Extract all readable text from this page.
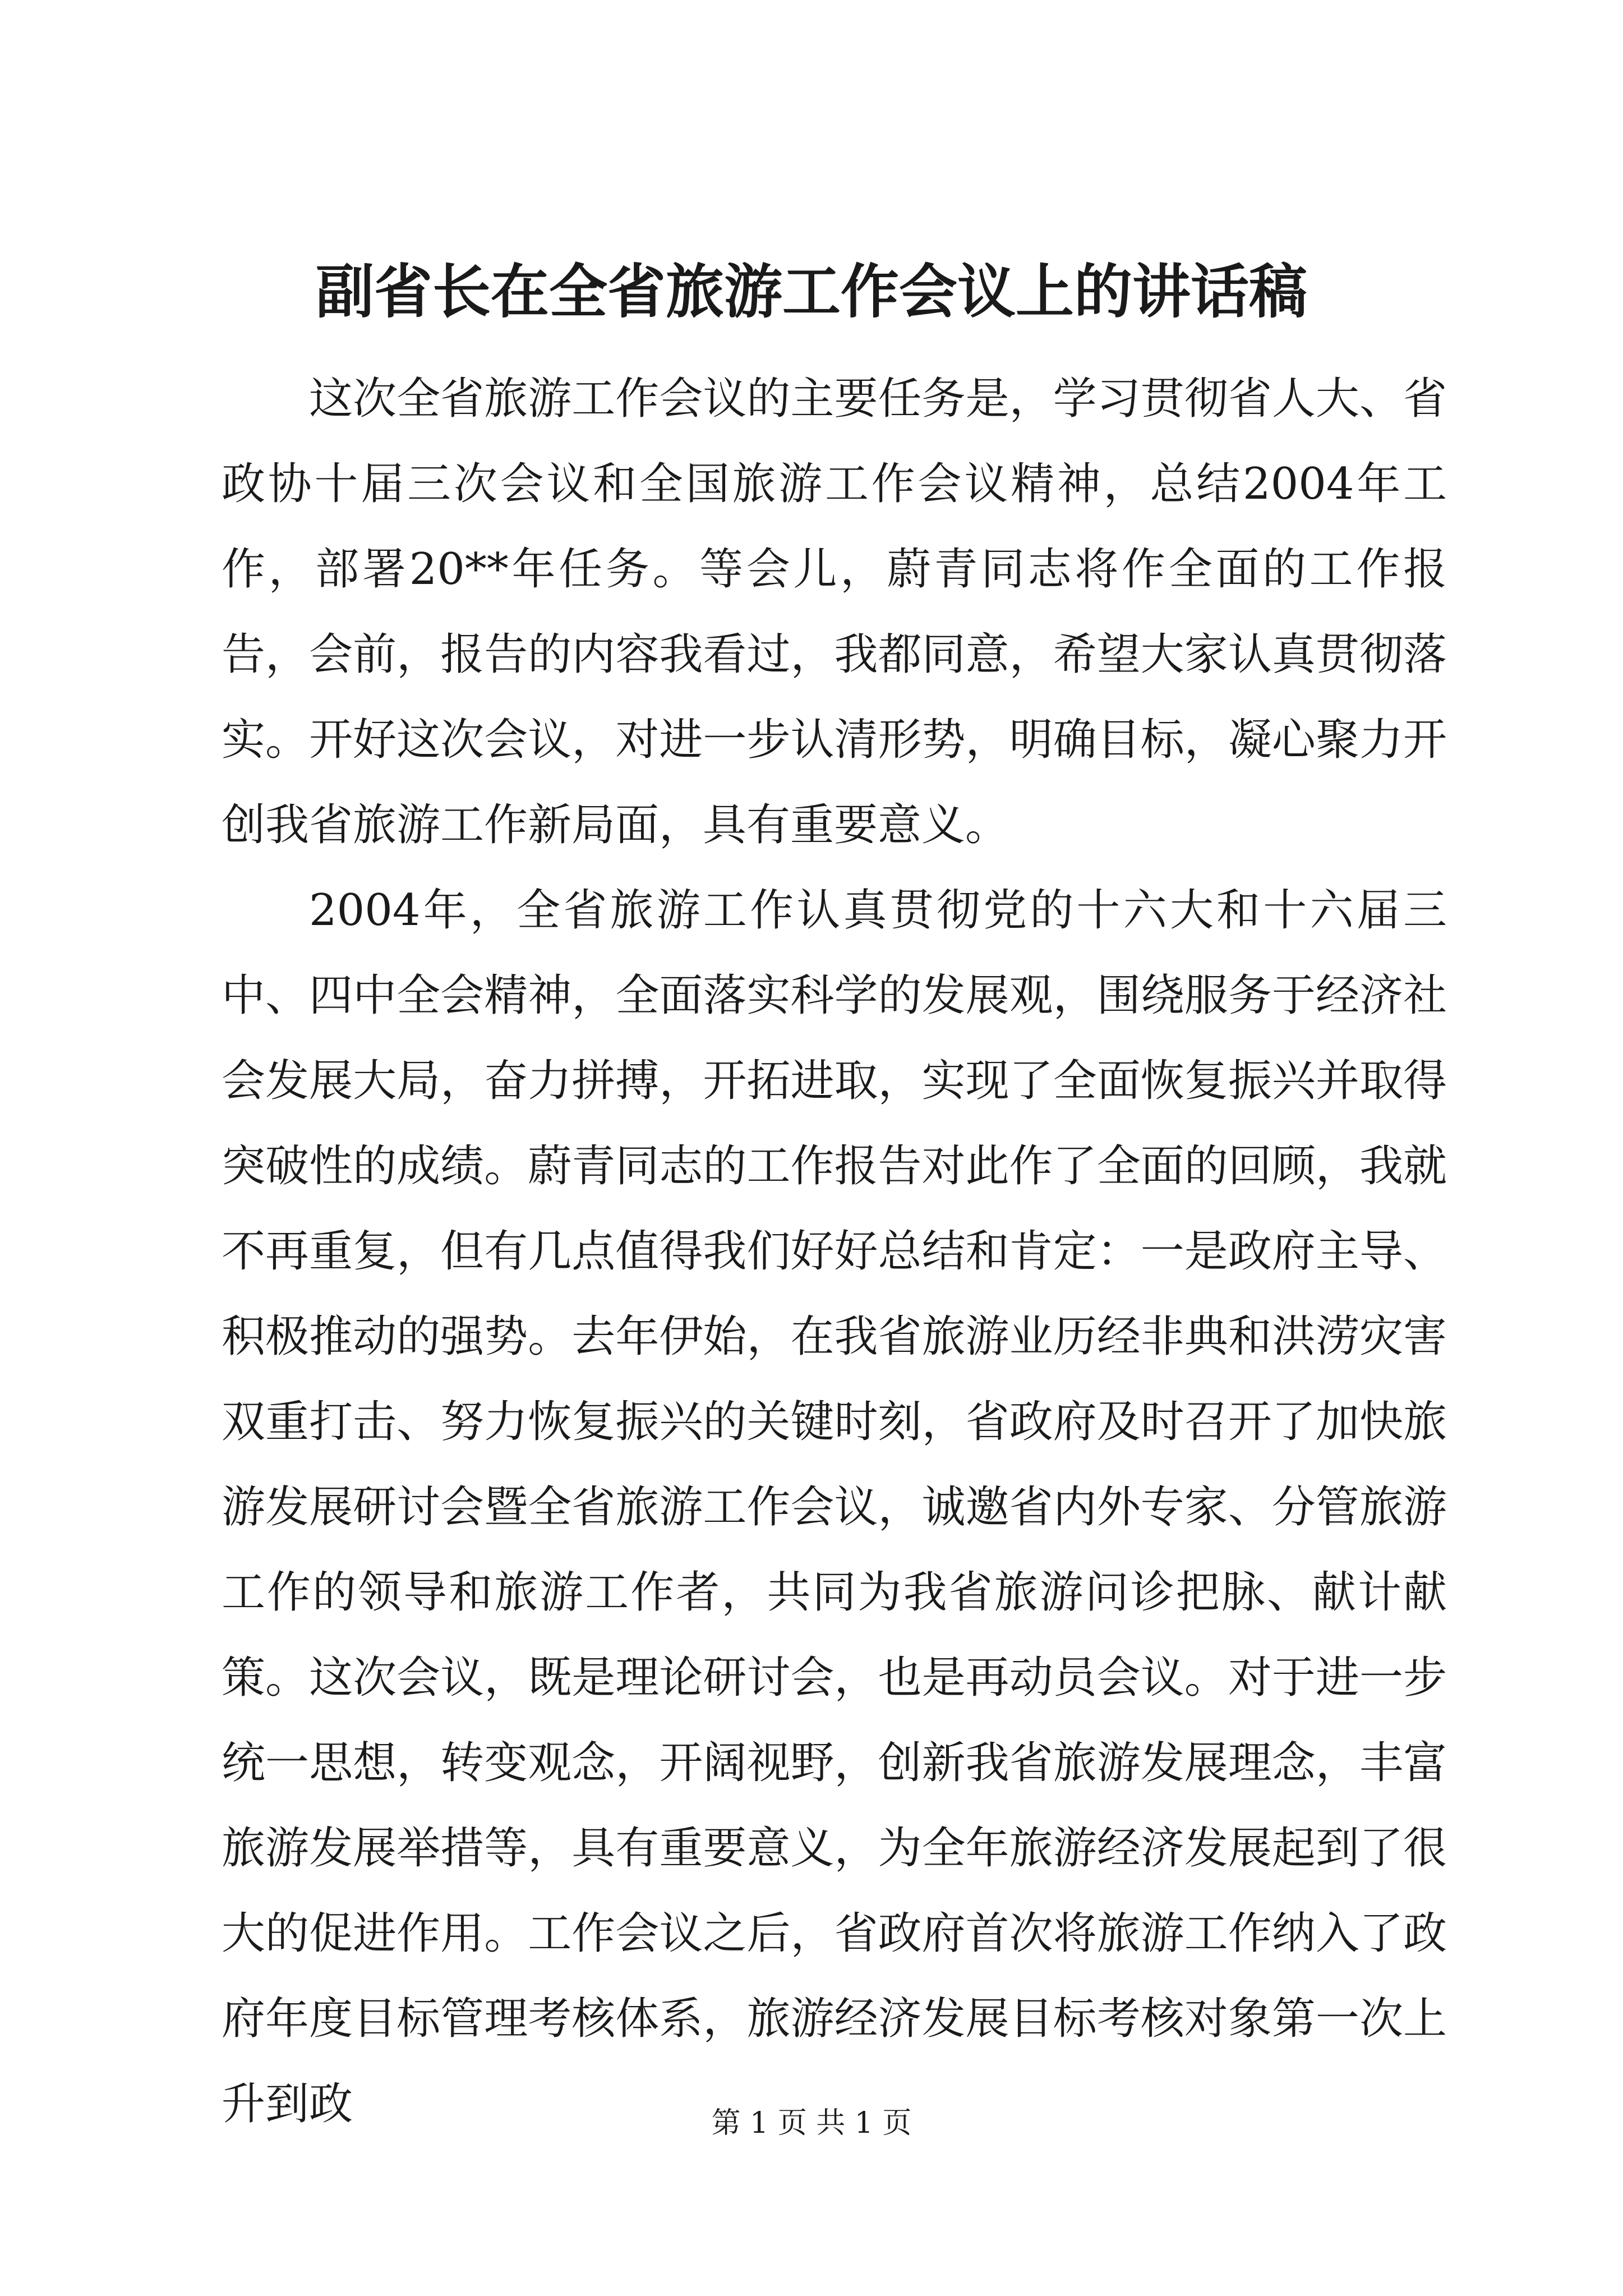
副省长在全省旅游工作会议上的讲话稿

这次全省旅游工作会议的主要任务是，学习贯彻省人大、省政协十届三次会议和全国旅游工作会议精神，总结2004年工作，部署20**年任务。等会儿，蔚青同志将作全面的工作报告，会前，报告的内容我看过，我都同意，希望大家认真贯彻落实。开好这次会议，对进一步认清形势，明确目标，凝心聚力开创我省旅游工作新局面，具有重要意义。

2004年，全省旅游工作认真贯彻党的十六大和十六届三中、四中全会精神，全面落实科学的发展观，围绕服务于经济社会发展大局，奋力拼搏，开拓进取，实现了全面恢复振兴并取得突破性的成绩。蔚青同志的工作报告对此作了全面的回顾，我就不再重复，但有几点值得我们好好总结和肯定：一是政府主导、积极推动的强势。去年伊始，在我省旅游业历经非典和洪涝灾害双重打击、努力恢复振兴的关键时刻，省政府及时召开了加快旅游发展研讨会暨全省旅游工作会议，诚邀省内外专家、分管旅游工作的领导和旅游工作者，共同为我省旅游问诊把脉、献计献策。这次会议，既是理论研讨会，也是再动员会议。对于进一步统一思想，转变观念，开阔视野，创新我省旅游发展理念，丰富旅游发展举措等，具有重要意义，为全年旅游经济发展起到了很大的促进作用。工作会议之后，省政府首次将旅游工作纳入了政府年度目标管理考核体系，旅游经济发展目标考核对象第一次上升到政	第 1 页 共 1 页
